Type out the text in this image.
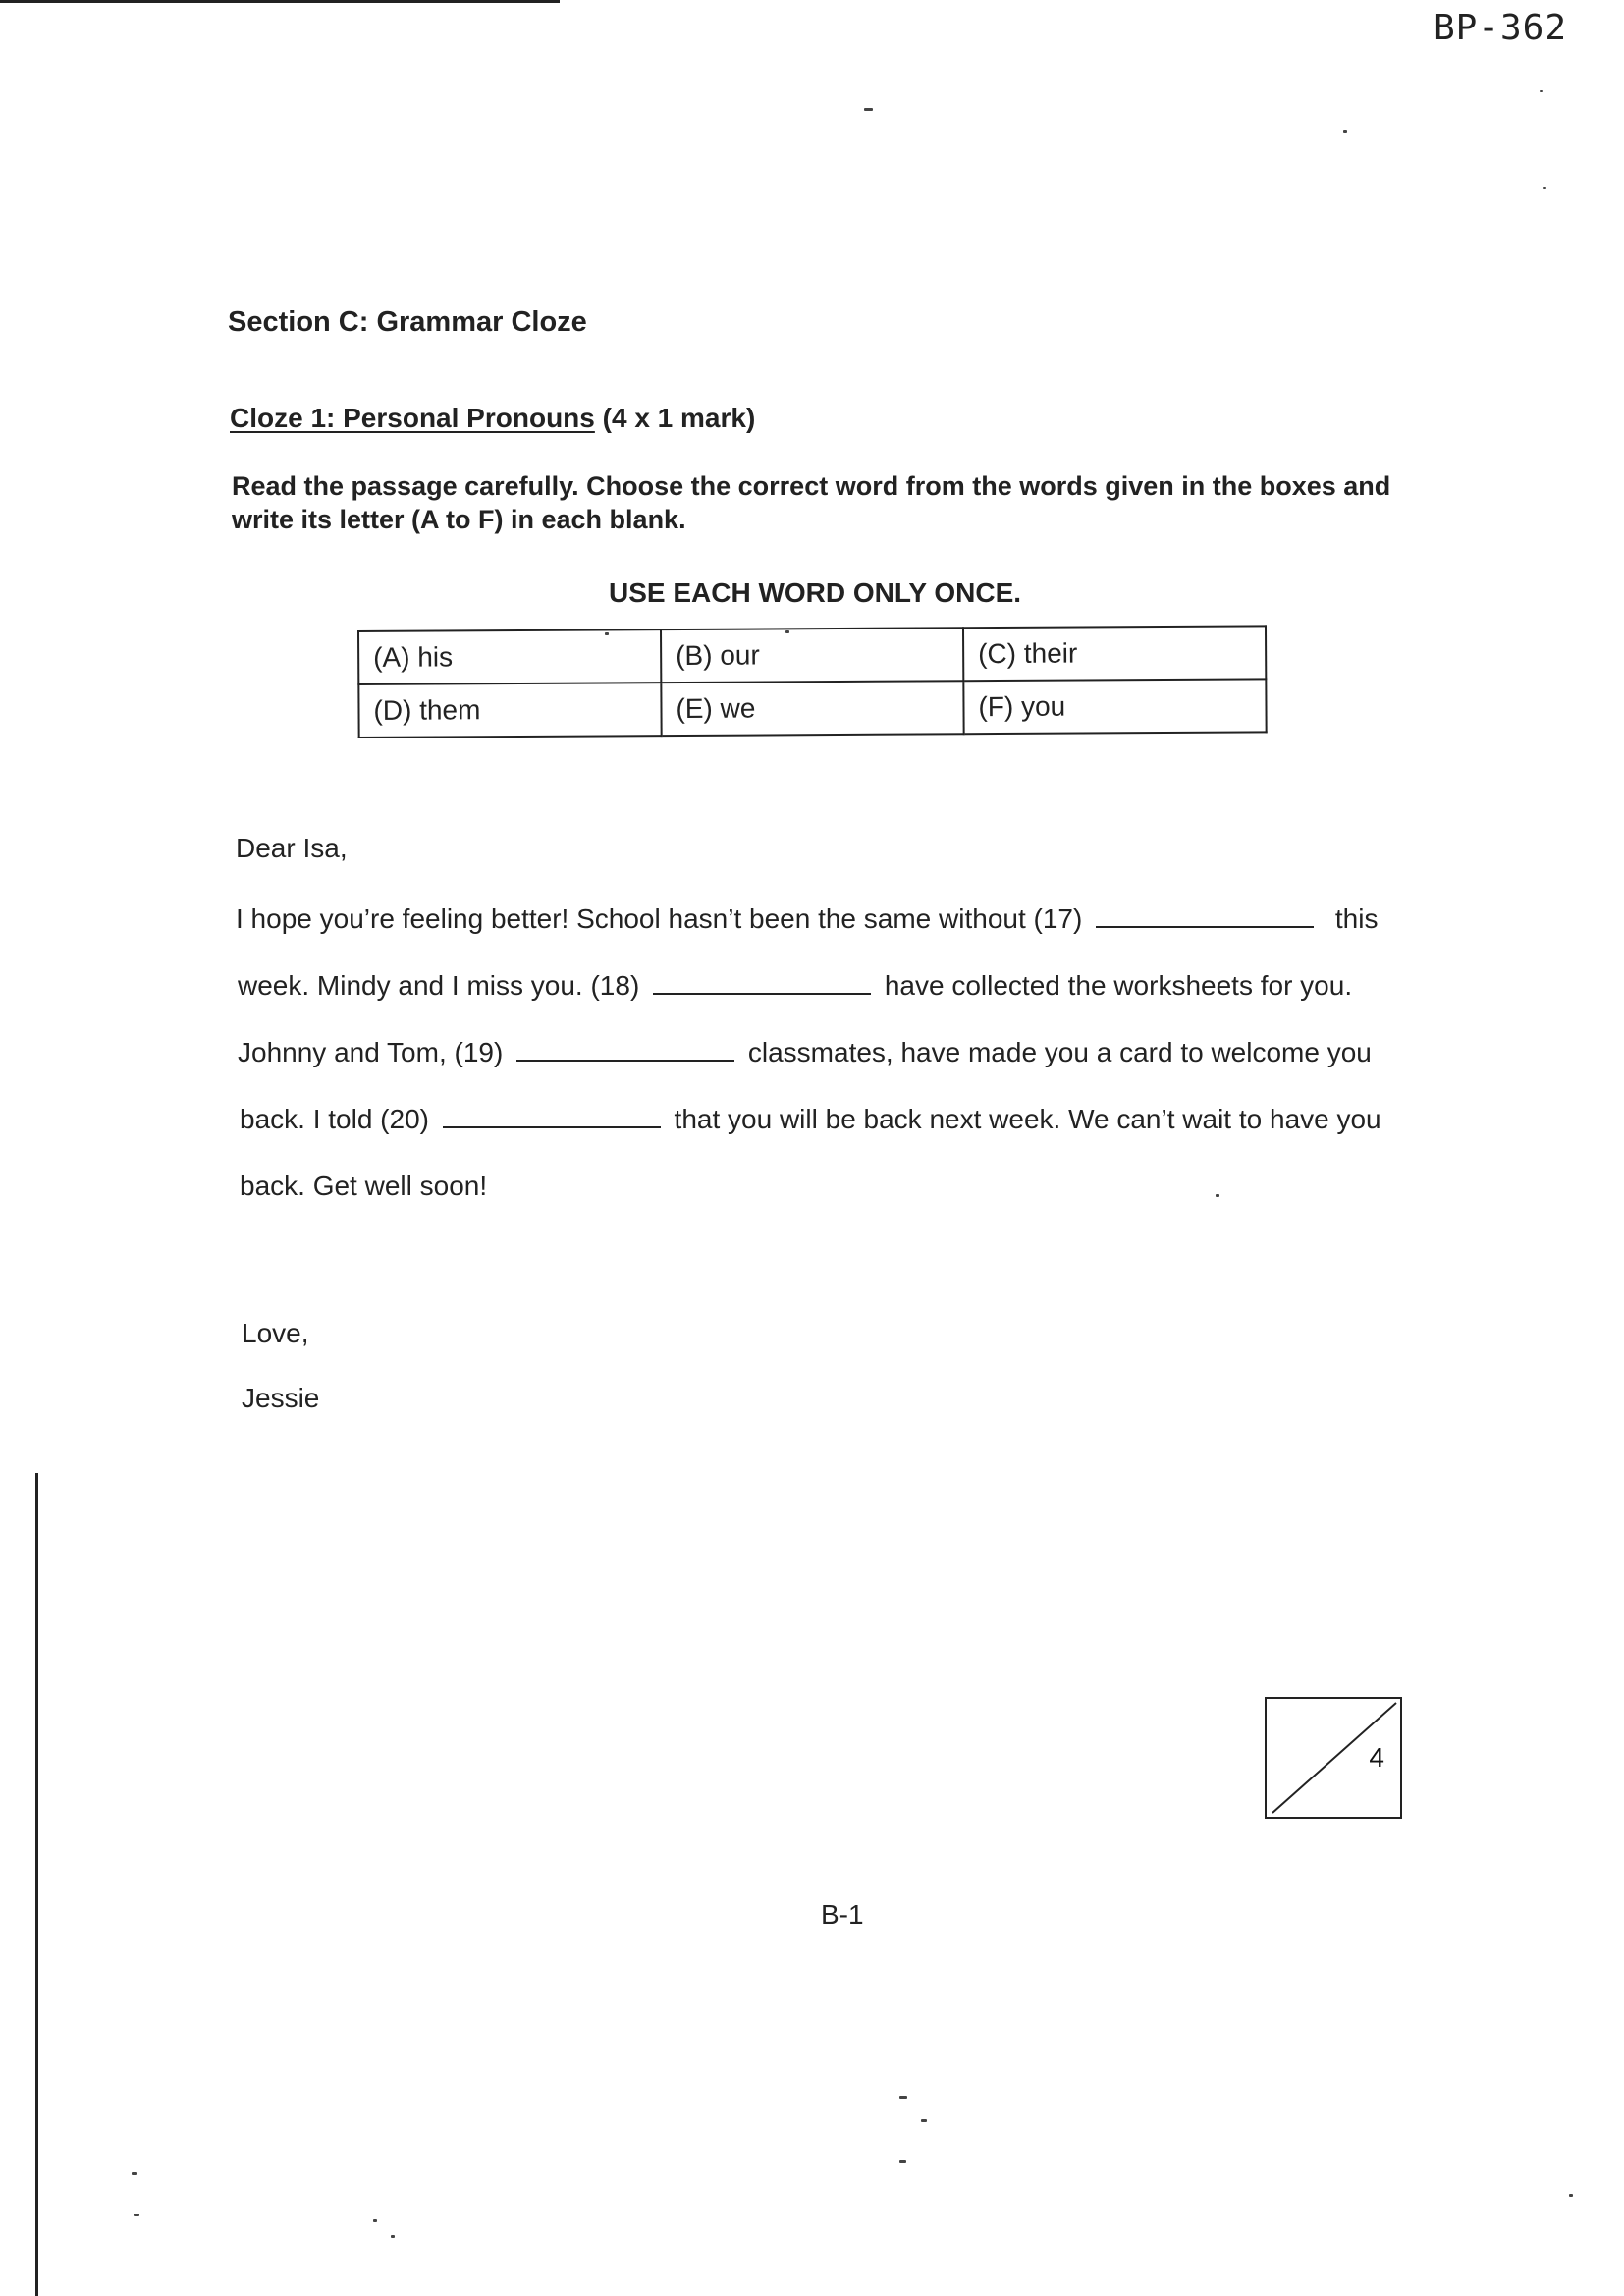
BP-362
Section C: Grammar Cloze
Cloze 1: Personal Pronouns (4 x 1 mark)
Read the passage carefully. Choose the correct word from the words given in the boxes and write its letter (A to F) in each blank.
USE EACH WORD ONLY ONCE.
(A) his	(B) our	(C) their
(D) them	(E) we	(F) you
Dear Isa,
I hope you’re feeling better! School hasn’t been the same without (17)	this
week. Mindy and I miss you. (18)	have collected the worksheets for you.
Johnny and Tom, (19)	classmates, have made you a card to welcome you
back. I told (20)	that you will be back next week. We can’t wait to have you
back. Get well soon!
Love,
Jessie
4
B-1
